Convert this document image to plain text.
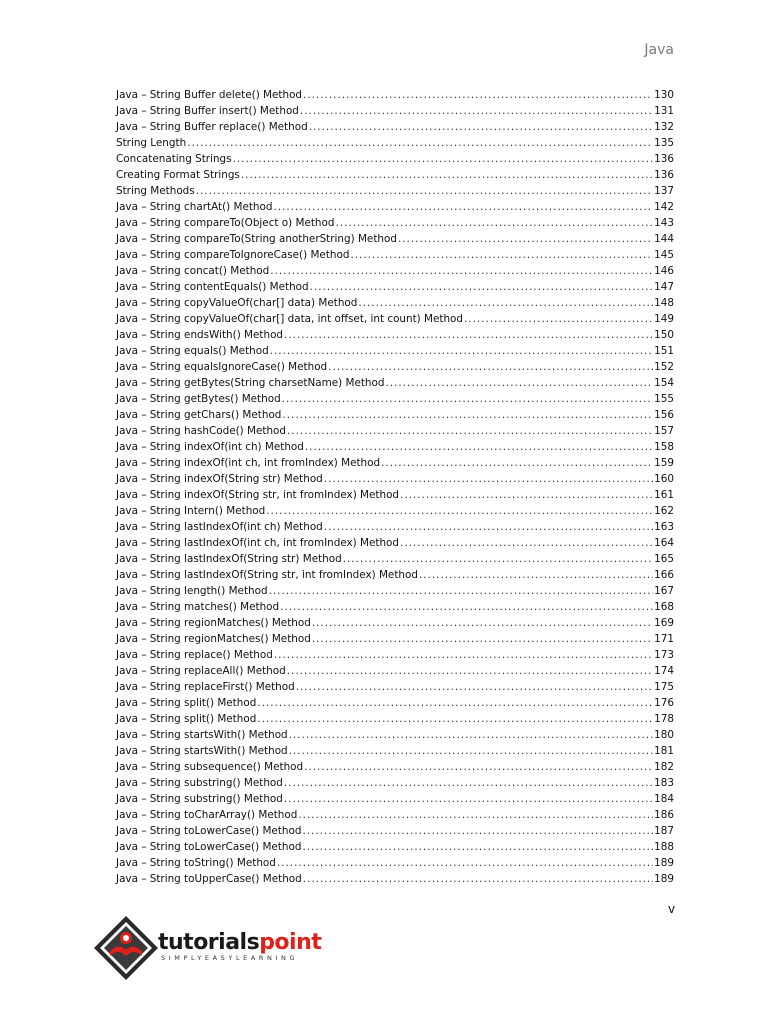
Java
Java – String Buffer delete() Method .....	130
Java – String Buffer insert() Method .....	131
Java – String Buffer replace() Method .....	132
String Length .....	135
Concatenating Strings .....	136
Creating Format Strings .....	136
String Methods .....	137
Java – String chartAt() Method .....	142
Java – String compareTo(Object o) Method .....	143
Java – String compareTo(String anotherString) Method .....	144
Java – String compareToIgnoreCase() Method .....	145
Java – String concat() Method .....	146
Java – String contentEquals() Method .....	147
Java – String copyValueOf(char[] data) Method .....	148
Java – String copyValueOf(char[] data, int offset, int count) Method .....	149
Java – String endsWith() Method .....	150
Java – String equals() Method .....	151
Java – String equalsIgnoreCase() Method .....	152
Java – String getBytes(String charsetName) Method .....	154
Java – String getBytes() Method .....	155
Java – String getChars() Method .....	156
Java – String hashCode() Method .....	157
Java – String indexOf(int ch) Method .....	158
Java – String indexOf(int ch, int fromIndex) Method .....	159
Java – String indexOf(String str) Method .....	160
Java – String indexOf(String str, int fromIndex) Method .....	161
Java – String Intern() Method .....	162
Java – String lastIndexOf(int ch) Method .....	163
Java – String lastIndexOf(int ch, int fromIndex) Method .....	164
Java – String lastIndexOf(String str) Method .....	165
Java – String lastIndexOf(String str, int fromIndex) Method .....	166
Java – String length() Method .....	167
Java – String matches() Method .....	168
Java – String regionMatches() Method .....	169
Java – String regionMatches() Method .....	171
Java – String replace() Method .....	173
Java – String replaceAll() Method .....	174
Java – String replaceFirst() Method .....	175
Java – String split() Method .....	176
Java – String split() Method .....	178
Java – String startsWith() Method .....	180
Java – String startsWith() Method .....	181
Java – String subsequence() Method .....	182
Java – String substring() Method .....	183
Java – String substring() Method .....	184
Java – String toCharArray() Method .....	186
Java – String toLowerCase() Method .....	187
Java – String toLowerCase() Method .....	188
Java – String toString() Method .....	189
Java – String toUpperCase() Method .....	189
v
tutorialspoint
SIMPLYEASYLEARNING
